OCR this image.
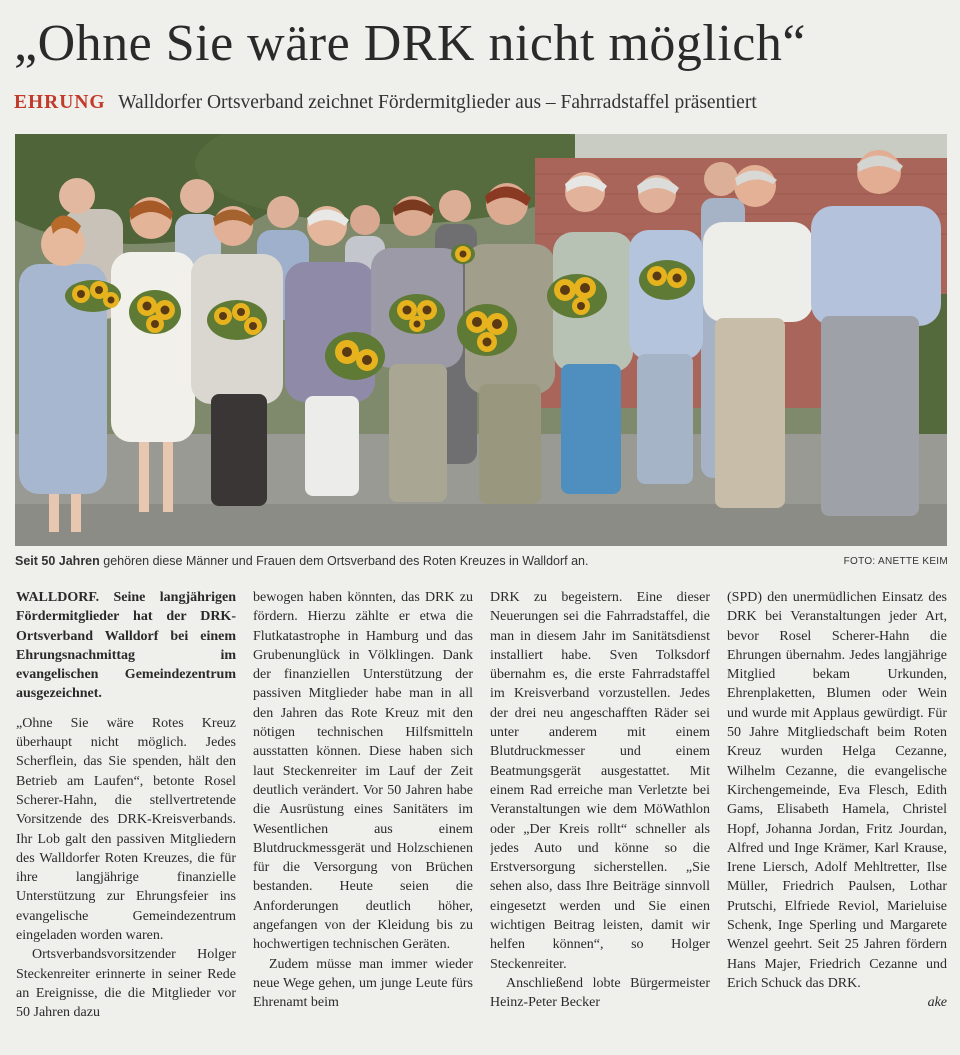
„Ohne Sie wäre DRK nicht möglich“
EHRUNG Walldorfer Ortsverband zeichnet Fördermitglieder aus – Fahrradstaffel präsentiert
Seit 50 Jahren gehören diese Männer und Frauen dem Ortsverband des Roten Kreuzes in Walldorf an.	FOTO: ANETTE KEIM

WALLDORF. Seine langjährigen Fördermitglieder hat der DRK-Ortsverband Walldorf bei einem Ehrungsnachmittag im evangelischen Gemeindezentrum ausgezeichnet.

„Ohne Sie wäre Rotes Kreuz überhaupt nicht möglich. Jedes Scherflein, das Sie spenden, hält den Betrieb am Laufen“, betonte Rosel Scherer-Hahn, die stellvertretende Vorsitzende des DRK-Kreisverbands. Ihr Lob galt den passiven Mitgliedern des Walldorfer Roten Kreuzes, die für ihre langjährige finanzielle Unterstützung zur Ehrungsfeier ins evangelische Gemeindezentrum eingeladen worden waren.

Ortsverbandsvorsitzender Holger Steckenreiter erinnerte in seiner Rede an Ereignisse, die die Mitglieder vor 50 Jahren dazu

bewogen haben könnten, das DRK zu fördern. Hierzu zählte er etwa die Flutkatastrophe in Hamburg und das Grubenunglück in Völklingen. Dank der finanziellen Unterstützung der passiven Mitglieder habe man in all den Jahren das Rote Kreuz mit den nötigen technischen Hilfsmitteln ausstatten können. Diese haben sich laut Steckenreiter im Lauf der Zeit deutlich verändert. Vor 50 Jahren habe die Ausrüstung eines Sanitäters im Wesentlichen aus einem Blutdruckmessgerät und Holzschienen für die Versorgung von Brüchen bestanden. Heute seien die Anforderungen deutlich höher, angefangen von der Kleidung bis zu hochwertigen technischen Geräten.

Zudem müsse man immer wieder neue Wege gehen, um junge Leute fürs Ehrenamt beim

DRK zu begeistern. Eine dieser Neuerungen sei die Fahrradstaffel, die man in diesem Jahr im Sanitätsdienst installiert habe. Sven Tolksdorf übernahm es, die erste Fahrradstaffel im Kreisverband vorzustellen. Jedes der drei neu angeschafften Räder sei unter anderem mit einem Blutdruckmesser und einem Beatmungsgerät ausgestattet. Mit einem Rad erreiche man Verletzte bei Veranstaltungen wie dem MöWathlon oder „Der Kreis rollt“ schneller als jedes Auto und könne so die Erstversorgung sicherstellen. „Sie sehen also, dass Ihre Beiträge sinnvoll eingesetzt werden und Sie einen wichtigen Beitrag leisten, damit wir helfen können“, so Holger Steckenreiter.

Anschließend lobte Bürgermeister Heinz-Peter Becker

(SPD) den unermüdlichen Einsatz des DRK bei Veranstaltungen jeder Art, bevor Rosel Scherer-Hahn die Ehrungen übernahm. Jedes langjährige Mitglied bekam Urkunden, Ehrenplaketten, Blumen oder Wein und wurde mit Applaus gewürdigt. Für 50 Jahre Mitgliedschaft beim Roten Kreuz wurden Helga Cezanne, Wilhelm Cezanne, die evangelische Kirchengemeinde, Eva Flesch, Edith Gams, Elisabeth Hamela, Christel Hopf, Johanna Jordan, Fritz Jourdan, Alfred und Inge Krämer, Karl Krause, Irene Liersch, Adolf Mehltretter, Ilse Müller, Friedrich Paulsen, Lothar Prutschi, Elfriede Reviol, Marieluise Schenk, Inge Sperling und Margarete Wenzel geehrt. Seit 25 Jahren fördern Hans Majer, Friedrich Cezanne und Erich Schuck das DRK.

ake
